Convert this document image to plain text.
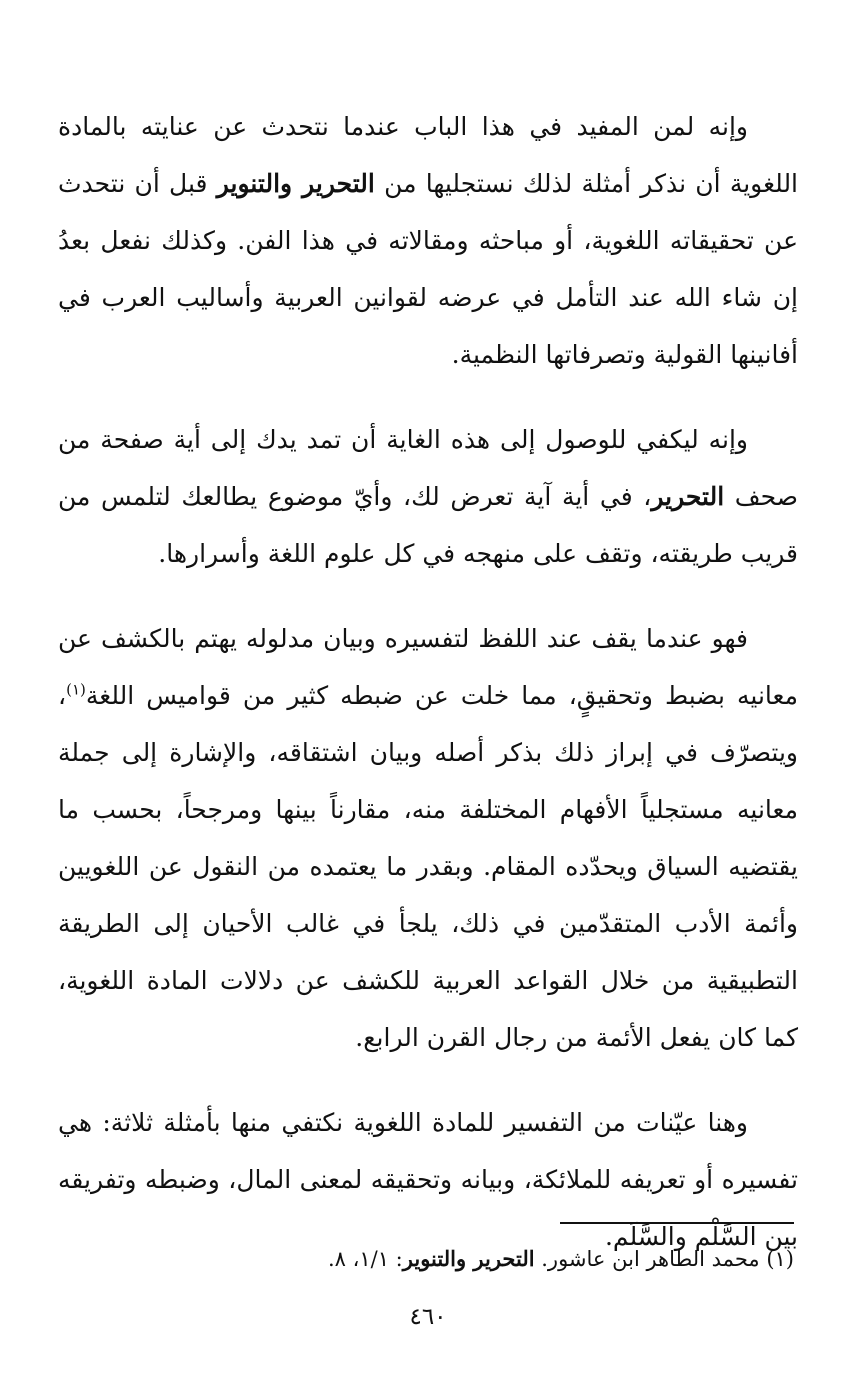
وإنه لمن المفيد في هذا الباب عندما نتحدث عن عنايته بالمادة اللغوية أن نذكر أمثلة لذلك نستجليها من التحرير والتنوير قبل أن نتحدث عن تحقيقاته اللغوية، أو مباحثه ومقالاته في هذا الفن. وكذلك نفعل بعدُ إن شاء الله عند التأمل في عرضه لقوانين العربية وأساليب العرب في أفانينها القولية وتصرفاتها النظمية.

وإنه ليكفي للوصول إلى هذه الغاية أن تمد يدك إلى أية صفحة من صحف التحرير، في أية آية تعرض لك، وأيّ موضوع يطالعك لتلمس من قريب طريقته، وتقف على منهجه في كل علوم اللغة وأسرارها.

فهو عندما يقف عند اللفظ لتفسيره وبيان مدلوله يهتم بالكشف عن معانيه بضبط وتحقيقٍ، مما خلت عن ضبطه كثير من قواميس اللغة$^{(١)}$، ويتصرّف في إبراز ذلك بذكر أصله وبيان اشتقاقه، والإشارة إلى جملة معانيه مستجلياً الأفهام المختلفة منه، مقارناً بينها ومرجحاً، بحسب ما يقتضيه السياق ويحدّده المقام. وبقدر ما يعتمده من النقول عن اللغويين وأئمة الأدب المتقدّمين في ذلك، يلجأ في غالب الأحيان إلى الطريقة التطبيقية من خلال القواعد العربية للكشف عن دلالات المادة اللغوية، كما كان يفعل الأئمة من رجال القرن الرابع.

وهنا عيّنات من التفسير للمادة اللغوية نكتفي منها بأمثلة ثلاثة: هي تفسيره أو تعريفه للملائكة، وبيانه وتحقيقه لمعنى المال، وضبطه وتفريقه بين السَّلْم والسَّلَم.

(١) محمد الطاهر ابن عاشور. التحرير والتنوير: ١/١، ٨.
٤٦٠
